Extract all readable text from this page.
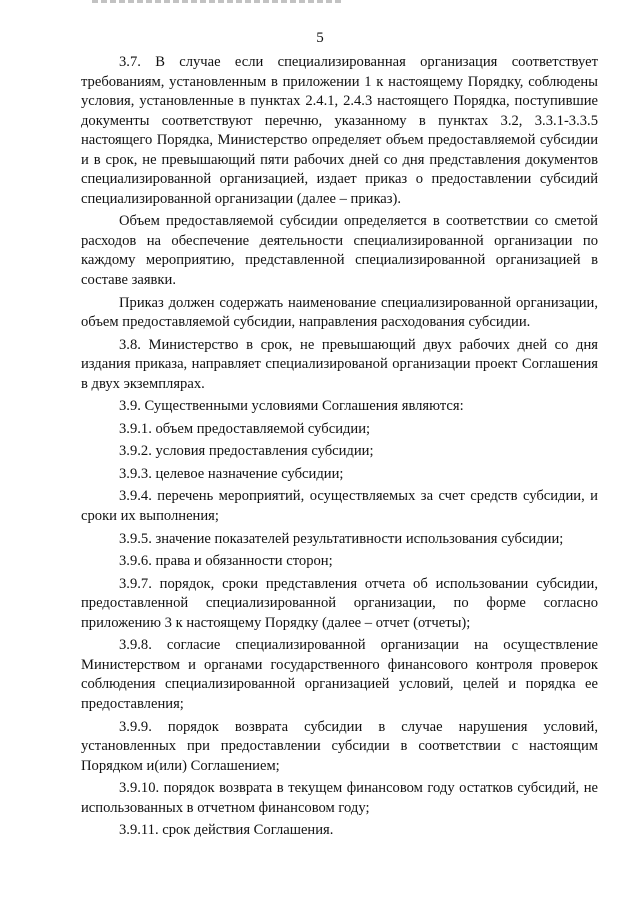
5

3.7. В случае если специализированная организация соответствует требованиям, установленным в приложении 1 к настоящему Порядку, соблюдены условия, установленные в пунктах 2.4.1, 2.4.3 настоящего Порядка, поступившие документы соответствуют перечню, указанному в пунктах 3.2, 3.3.1-3.3.5 настоящего Порядка, Министерство определяет объем предоставляемой субсидии и в срок, не превышающий пяти рабочих дней со дня представления документов специализированной организацией, издает приказ о предоставлении субсидий специализированной организации (далее – приказ).

Объем предоставляемой субсидии определяется в соответствии со сметой расходов на обеспечение деятельности специализированной организации по каждому мероприятию, представленной специализированной организацией в составе заявки.

Приказ должен содержать наименование специализированной организации, объем предоставляемой субсидии, направления расходования субсидии.

3.8. Министерство в срок, не превышающий двух рабочих дней со дня издания приказа, направляет специализированой организации проект Соглашения в двух экземплярах.

3.9. Существенными условиями Соглашения являются:

3.9.1. объем предоставляемой субсидии;

3.9.2. условия предоставления субсидии;

3.9.3. целевое назначение субсидии;

3.9.4. перечень мероприятий, осуществляемых за счет средств субсидии, и сроки их выполнения;

3.9.5. значение показателей результативности использования субсидии;

3.9.6. права и обязанности сторон;

3.9.7. порядок, сроки представления отчета об использовании субсидии, предоставленной специализированной организации, по форме согласно приложению 3 к настоящему Порядку (далее – отчет (отчеты);

3.9.8. согласие специализированной организации на осуществление Министерством и органами государственного финансового контроля проверок соблюдения специализированной организацией условий, целей и порядка ее предоставления;

3.9.9. порядок возврата субсидии в случае нарушения условий, установленных при предоставлении субсидии в соответствии с настоящим Порядком и(или) Соглашением;

3.9.10. порядок возврата в текущем финансовом году остатков субсидий, не использованных в отчетном финансовом году;

3.9.11. срок действия Соглашения.
